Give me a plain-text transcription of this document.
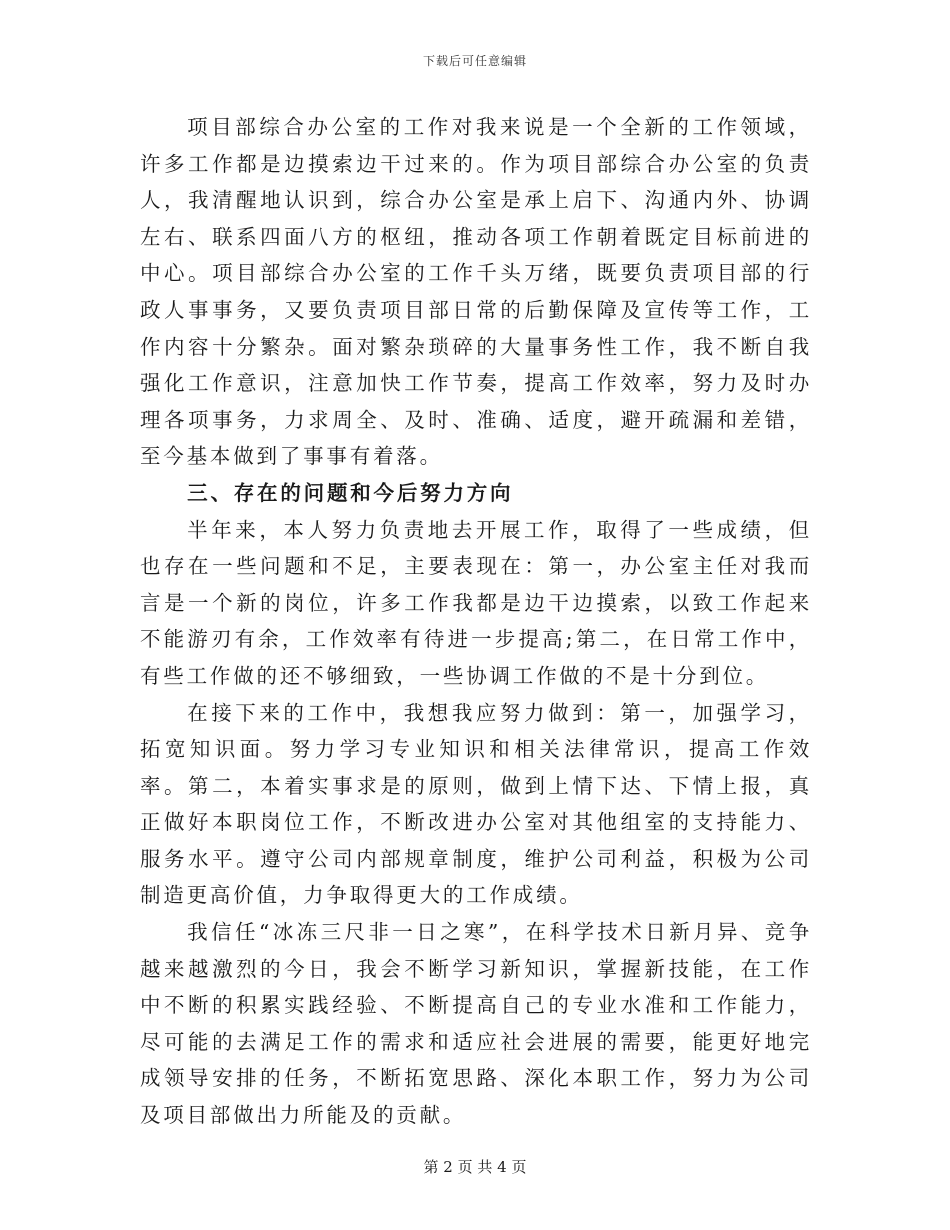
下载后可任意编辑

项目部综合办公室的工作对我来说是一个全新的工作领域，许多工作都是边摸索边干过来的。作为项目部综合办公室的负责人，我清醒地认识到，综合办公室是承上启下、沟通内外、协调左右、联系四面八方的枢纽，推动各项工作朝着既定目标前进的中心。项目部综合办公室的工作千头万绪，既要负责项目部的行政人事事务，又要负责项目部日常的后勤保障及宣传等工作，工作内容十分繁杂。面对繁杂琐碎的大量事务性工作，我不断自我强化工作意识，注意加快工作节奏，提高工作效率，努力及时办理各项事务，力求周全、及时、准确、适度，避开疏漏和差错，至今基本做到了事事有着落。

三、存在的问题和今后努力方向

半年来，本人努力负责地去开展工作，取得了一些成绩，但也存在一些问题和不足，主要表现在：第一，办公室主任对我而言是一个新的岗位，许多工作我都是边干边摸索，以致工作起来不能游刃有余，工作效率有待进一步提高;第二，在日常工作中，有些工作做的还不够细致，一些协调工作做的不是十分到位。

在接下来的工作中，我想我应努力做到：第一，加强学习，拓宽知识面。努力学习专业知识和相关法律常识，提高工作效率。第二，本着实事求是的原则，做到上情下达、下情上报，真正做好本职岗位工作，不断改进办公室对其他组室的支持能力、服务水平。遵守公司内部规章制度，维护公司利益，积极为公司制造更高价值，力争取得更大的工作成绩。

我信任“冰冻三尺非一日之寒”，在科学技术日新月异、竞争越来越激烈的今日，我会不断学习新知识，掌握新技能，在工作中不断的积累实践经验、不断提高自己的专业水准和工作能力，尽可能的去满足工作的需求和适应社会进展的需要，能更好地完成领导安排的任务，不断拓宽思路、深化本职工作，努力为公司及项目部做出力所能及的贡献。

第 2 页 共 4 页
